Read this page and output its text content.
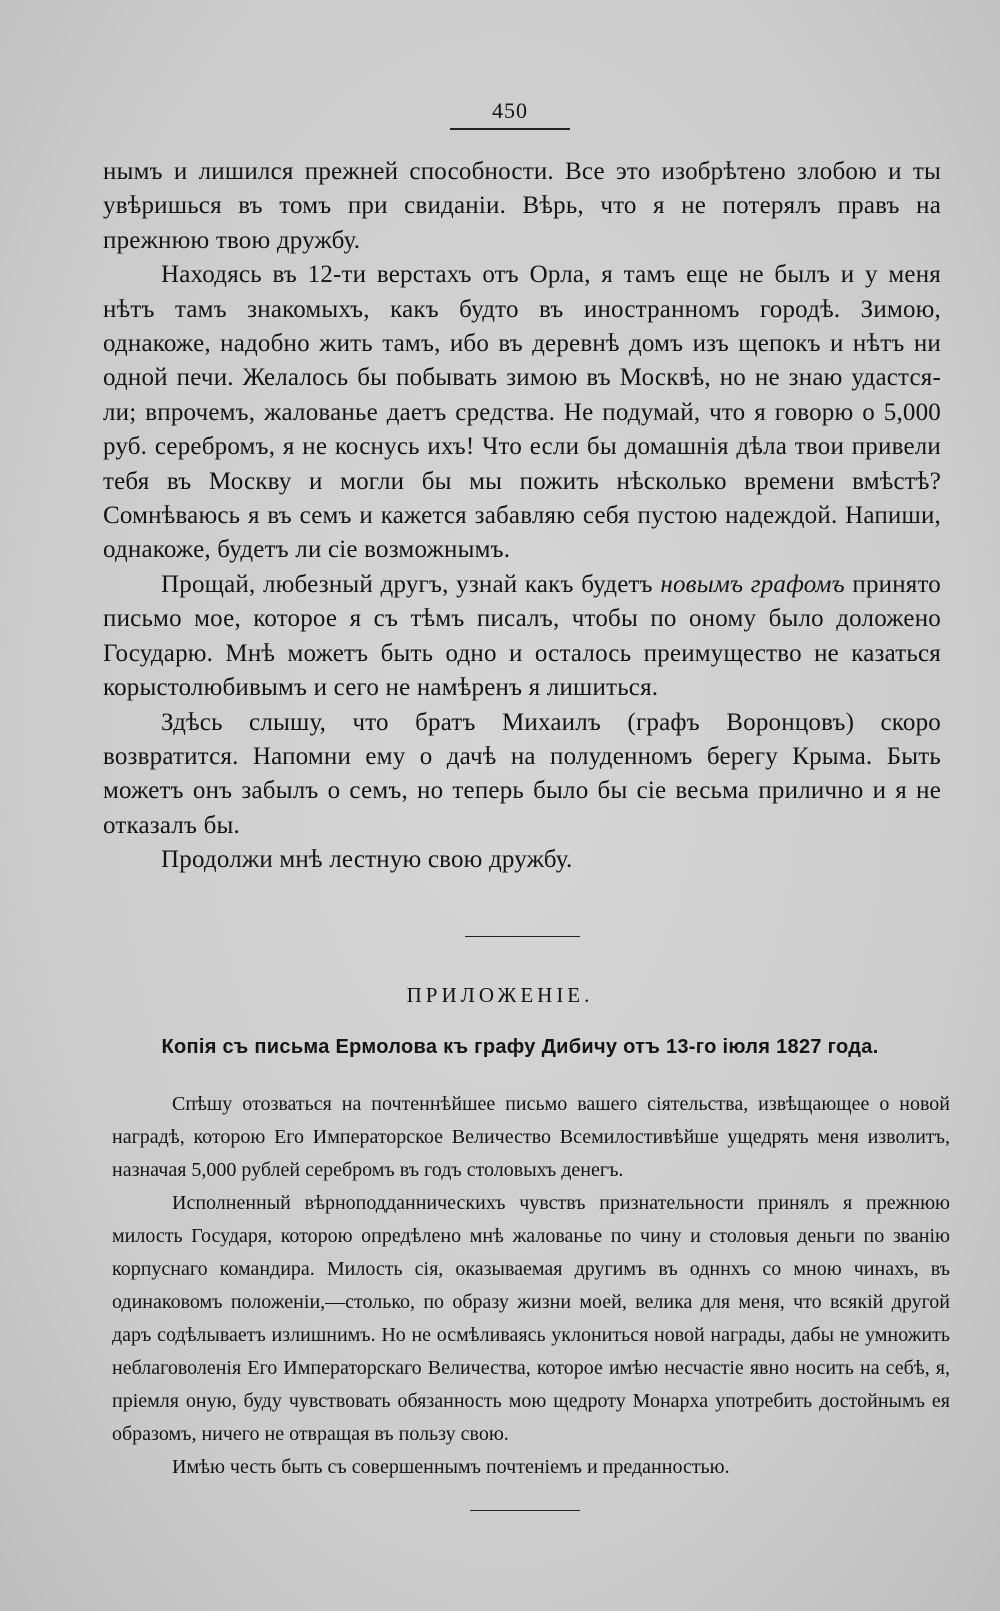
450

нымъ и лишился прежней способности. Все это изобрѣтено злобою и ты увѣришься въ томъ при свиданіи. Вѣрь, что я не потерялъ правъ на прежнюю твою дружбу.

Находясь въ 12-ти верстахъ отъ Орла, я тамъ еще не былъ и у меня нѣтъ тамъ знакомыхъ, какъ будто въ иностранномъ городѣ. Зимою, однакоже, надобно жить тамъ, ибо въ деревнѣ домъ изъ щепокъ и нѣтъ ни одной печи. Желалось бы побывать зимою въ Москвѣ, но не знаю удастся-ли; впрочемъ, жалованье даетъ средства. Не подумай, что я говорю о 5,000 руб. серебромъ, я не коснусь ихъ! Что если бы домашнія дѣла твои привели тебя въ Москву и могли бы мы пожить нѣсколько времени вмѣстѣ? Сомнѣваюсь я въ семъ и кажется забавляю себя пустою надеждой. Напиши, однакоже, будетъ ли сіе возможнымъ.

Прощай, любезный другъ, узнай какъ будетъ новымъ графомъ принято письмо мое, которое я съ тѣмъ писалъ, чтобы по оному было доложено Государю. Мнѣ можетъ быть одно и осталось преимущество не казаться корыстолюбивымъ и сего не намѣренъ я лишиться.

Здѣсь слышу, что братъ Михаилъ (графъ Воронцовъ) скоро возвратится. Напомни ему о дачѣ на полуденномъ берегу Крыма. Быть можетъ онъ забылъ о семъ, но теперь было бы сіе весьма прилично и я не отказалъ бы.

Продолжи мнѣ лестную свою дружбу.

ПРИЛОЖЕНІЕ.
Копія съ письма Ермолова къ графу Дибичу отъ 13-го іюля 1827 года.

Спѣшу отозваться на почтеннѣйшее письмо вашего сіятельства, извѣщающее о новой наградѣ, которою Его Императорское Величество Всемилостивѣйше ущедрять меня изволитъ, назначая 5,000 рублей серебромъ въ годъ столовыхъ денегъ.

Исполненный вѣрноподданническихъ чувствъ признательности принялъ я прежнюю милость Государя, которою опредѣлено мнѣ жалованье по чину и столовыя деньги по званію корпуснаго командира. Милость сія, оказываемая другимъ въ одннхъ со мною чинахъ, въ одинаковомъ положеніи,—столько, по образу жизни моей, велика для меня, что всякій другой даръ содѣлываетъ излишнимъ. Но не осмѣливаясь уклониться новой награды, дабы не умножить неблаговоленія Его Императорскаго Величества, которое имѣю несчастіе явно носить на себѣ, я, пріемля оную, буду чувствовать обязанность мою щедроту Монарха употребить достойнымъ ея образомъ, ничего не отвращая въ пользу свою.

Имѣю честь быть съ совершеннымъ почтеніемъ и преданностью.
